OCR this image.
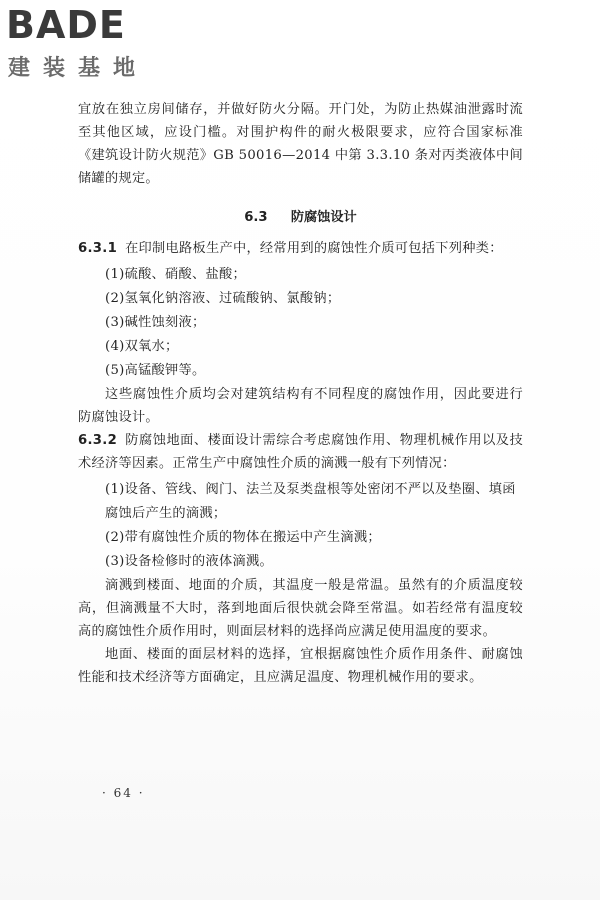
BADE
建装基地

宜放在独立房间储存，并做好防火分隔。开门处，为防止热媒油泄露时流至其他区域，应设门槛。对围护构件的耐火极限要求，应符合国家标准《建筑设计防火规范》GB 50016—2014 中第 3.3.10 条对丙类液体中间储罐的规定。

6.3 防腐蚀设计

6.3.1 在印制电路板生产中，经常用到的腐蚀性介质可包括下列种类：

(1)硫酸、硝酸、盐酸；
(2)氢氧化钠溶液、过硫酸钠、氯酸钠；
(3)碱性蚀刻液；
(4)双氧水；
(5)高锰酸钾等。

这些腐蚀性介质均会对建筑结构有不同程度的腐蚀作用，因此要进行防腐蚀设计。

6.3.2 防腐蚀地面、楼面设计需综合考虑腐蚀作用、物理机械作用以及技术经济等因素。正常生产中腐蚀性介质的滴溅一般有下列情况：

(1)设备、管线、阀门、法兰及泵类盘根等处密闭不严以及垫圈、填函腐蚀后产生的滴溅；
(2)带有腐蚀性介质的物体在搬运中产生滴溅；
(3)设备检修时的液体滴溅。

滴溅到楼面、地面的介质，其温度一般是常温。虽然有的介质温度较高，但滴溅量不大时，落到地面后很快就会降至常温。如若经常有温度较高的腐蚀性介质作用时，则面层材料的选择尚应满足使用温度的要求。

地面、楼面的面层材料的选择，宜根据腐蚀性介质作用条件、耐腐蚀性能和技术经济等方面确定，且应满足温度、物理机械作用的要求。

· 64 ·
